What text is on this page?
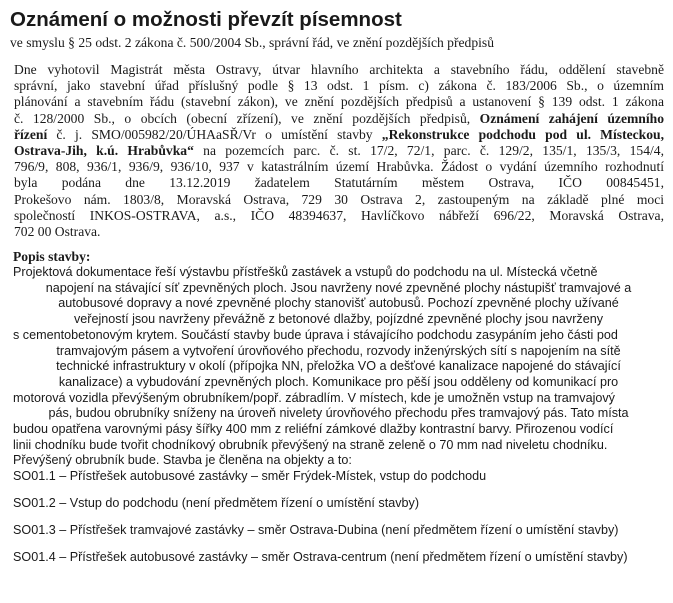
Oznámení o možnosti převzít písemnost
ve smyslu § 25 odst. 2 zákona č. 500/2004 Sb., správní řád, ve znění pozdějších předpisů
Dne vyhotovil Magistrát města Ostravy, útvar hlavního architekta a stavebního řádu, oddělení stavebně
správní, jako stavební úřad příslušný podle § 13 odst. 1 písm. c) zákona č. 183/2006 Sb., o územním
plánování a stavebním řádu (stavební zákon), ve znění pozdějších předpisů a ustanovení § 139 odst. 1 zákona
č. 128/2000 Sb., o obcích (obecní zřízení), ve znění pozdějších předpisů, Oznámení zahájení územního
řízení č. j. SMO/005982/20/ÚHAaSŘ/Vr o umístění stavby „Rekonstrukce podchodu pod ul. Místeckou,
Ostrava-Jih, k.ú. Hrabůvka“ na pozemcích parc. č. st. 17/2, 72/1, parc. č. 129/2, 135/1, 135/3, 154/4,
796/9, 808, 936/1, 936/9, 936/10, 937 v katastrálním území Hrabůvka. Žádost o vydání územního rozhodnutí
byla podána dne 13.12.2019 žadatelem Statutárním městem Ostrava, IČO 00845451,
Prokešovo nám. 1803/8, Moravská Ostrava, 729 30 Ostrava 2, zastoupeným na základě plné moci
společností INKOS-OSTRAVA, a.s., IČO 48394637, Havlíčkovo nábřeží 696/22, Moravská Ostrava,
702 00 Ostrava.
Popis stavby:
Projektová dokumentace řeší výstavbu přístřešků zastávek a vstupů do podchodu na ul. Místecká včetně
napojení na stávající síť zpevněných ploch. Jsou navrženy nové zpevněné plochy nástupišť tramvajové a
autobusové dopravy a nové zpevněné plochy stanovišť autobusů. Pochozí zpevněné plochy užívané
veřejností jsou navrženy převážně z betonové dlažby, pojízdné zpevněné plochy jsou navrženy
s cementobetonovým krytem. Součástí stavby bude úprava i stávajícího podchodu zasypáním jeho části pod
tramvajovým pásem a vytvoření úrovňového přechodu, rozvody inženýrských sítí s napojením na sítě
technické infrastruktury v okolí (přípojka NN, přeložka VO a dešťové kanalizace napojené do stávající
kanalizace) a vybudování zpevněných ploch. Komunikace pro pěší jsou odděleny od komunikací pro
motorová vozidla převýšeným obrubníkem/popř. zábradlím. V místech, kde je umožněn vstup na tramvajový
pás, budou obrubníky sníženy na úroveň nivelety úrovňového přechodu přes tramvajový pás. Tato místa
budou opatřena varovnými pásy šířky 400 mm z reliéfní zámkové dlažby kontrastní barvy. Přirozenou vodící
linii chodníku bude tvořit chodníkový obrubník převýšený na straně zeleně o 70 mm nad niveletu chodníku.
Převýšený obrubník bude. Stavba je členěna na objekty a to:
SO01.1 – Přístřešek autobusové zastávky – směr Frýdek-Místek, vstup do podchodu
SO01.2 – Vstup do podchodu (není předmětem řízení o umístění stavby)
SO01.3 – Přístřešek tramvajové zastávky – směr Ostrava-Dubina (není předmětem řízení o umístění stavby)
SO01.4 – Přístřešek autobusové zastávky – směr Ostrava-centrum (není předmětem řízení o umístění stavby)
